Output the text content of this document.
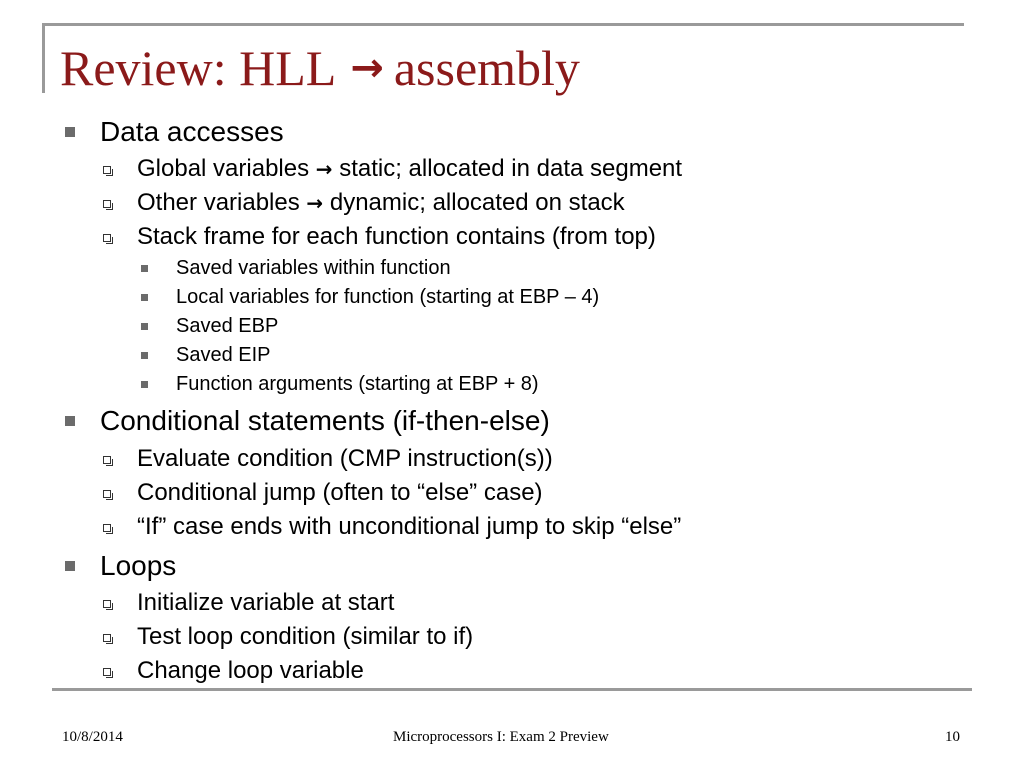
Review: HLL → assembly
Data accesses
Global variables → static; allocated in data segment
Other variables → dynamic; allocated on stack
Stack frame for each function contains (from top)
Saved variables within function
Local variables for function (starting at EBP – 4)
Saved EBP
Saved EIP
Function arguments (starting at EBP + 8)
Conditional statements (if-then-else)
Evaluate condition (CMP instruction(s))
Conditional jump (often to “else” case)
“If” case ends with unconditional jump to skip “else”
Loops
Initialize variable at start
Test loop condition (similar to if)
Change loop variable
10/8/2014	Microprocessors I: Exam 2 Preview	10
